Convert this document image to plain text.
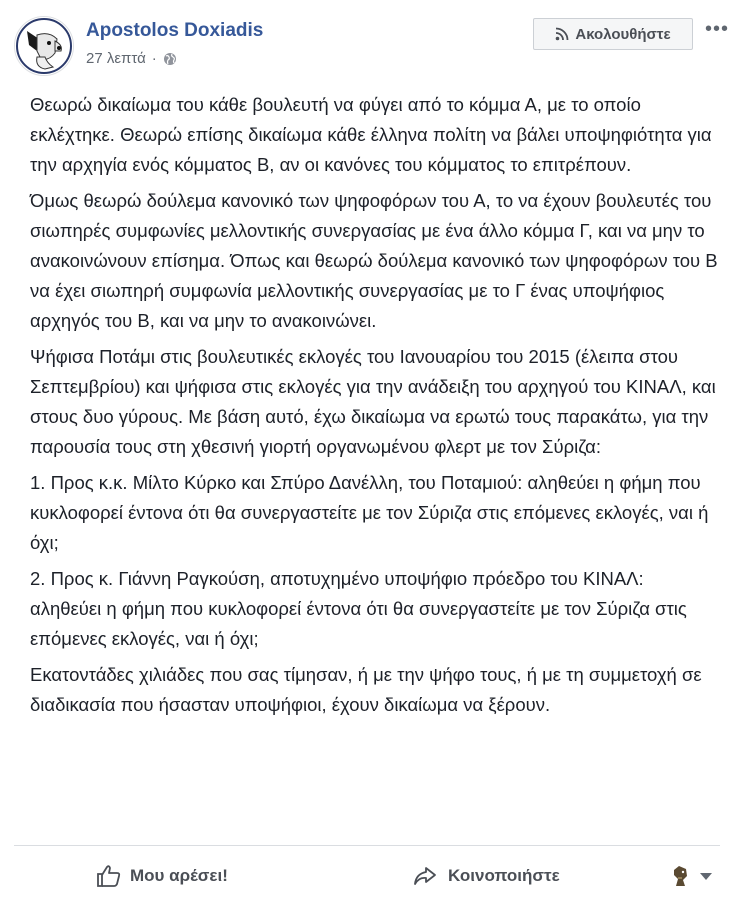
Apostolos Doxiadis
27 λεπτά ·
Ακολουθήστε •••

Θεωρώ δικαίωμα του κάθε βουλευτή να φύγει από το κόμμα Α, με το οποίο εκλέχτηκε. Θεωρώ επίσης δικαίωμα κάθε έλληνα πολίτη να βάλει υποψηφιότητα για την αρχηγία ενός κόμματος Β, αν οι κανόνες του κόμματος το επιτρέπουν.

Όμως θεωρώ δούλεμα κανονικό των ψηφοφόρων του Α, το να έχουν βουλευτές του σιωπηρές συμφωνίες μελλοντικής συνεργασίας με ένα άλλο κόμμα Γ, και να μην το ανακοινώνουν επίσημα. Όπως και θεωρώ δούλεμα κανονικό των ψηφοφόρων του Β να έχει σιωπηρή συμφωνία μελλοντικής συνεργασίας με το Γ ένας υποψήφιος αρχηγός του Β, και να μην το ανακοινώνει.

Ψήφισα Ποτάμι στις βουλευτικές εκλογές του Ιανουαρίου του 2015 (έλειπα στου Σεπτεμβρίου) και ψήφισα στις εκλογές για την ανάδειξη του αρχηγού του ΚΙΝΑΛ, και στους δυο γύρους. Με βάση αυτό, έχω δικαίωμα να ερωτώ τους παρακάτω, για την παρουσία τους στη χθεσινή γιορτή οργανωμένου φλερτ με τον Σύριζα:

1. Προς κ.κ. Μίλτο Κύρκο και Σπύρο Δανέλλη, του Ποταμιού: αληθεύει η φήμη που κυκλοφορεί έντονα ότι θα συνεργαστείτε με τον Σύριζα στις επόμενες εκλογές, ναι ή όχι;

2. Προς κ. Γιάννη Ραγκούση, αποτυχημένο υποψήφιο πρόεδρο του ΚΙΝΑΛ: αληθεύει η φήμη που κυκλοφορεί έντονα ότι θα συνεργαστείτε με τον Σύριζα στις επόμενες εκλογές, ναι ή όχι;

Εκατοντάδες χιλιάδες που σας τίμησαν, ή με την ψήφο τους, ή με τη συμμετοχή σε διαδικασία που ήσασταν υποψήφιοι, έχουν δικαίωμα να ξέρουν.

Μου αρέσει!	Κοινοποιήστε
